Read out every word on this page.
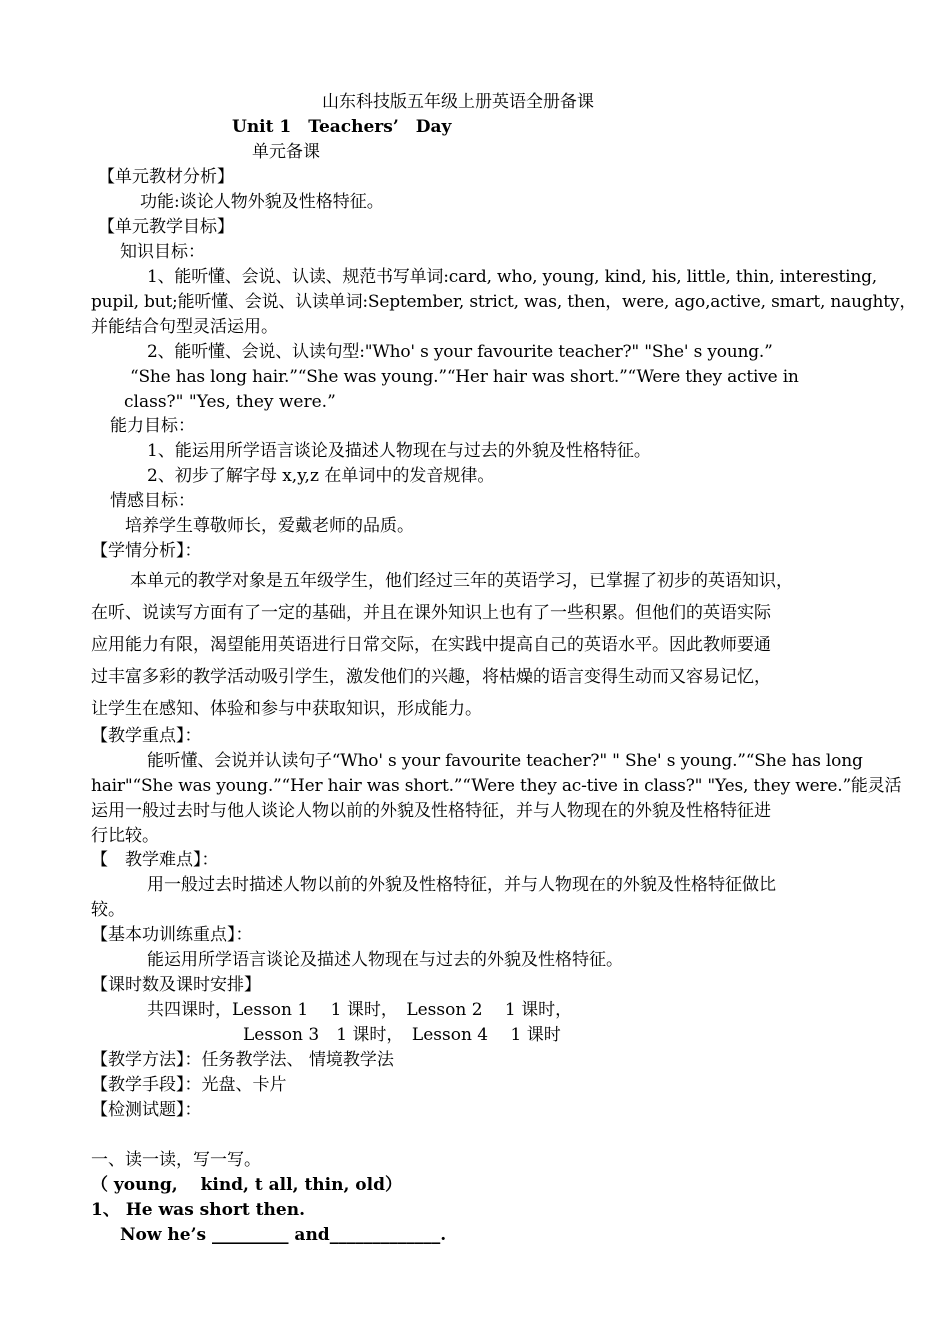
山东科技版五年级上册英语全册备课
Unit 1　Teachers’　Day
单元备课
【单元教材分析】
功能:谈论人物外貌及性格特征。
【单元教学目标】
知识目标：
1、能听懂、会说、认读、规范书写单词:card, who, young, kind, his, little, thin, interesting,
pupil, but;能听懂、会说、认读单词:September, strict, was, then，were, ago,active, smart, naughty，
并能结合句型灵活运用。
2、能听懂、会说、认读句型:"Who' s your favourite teacher?" "She' s young.”
“She has long hair.”“She was young.”“Her hair was short.”“Were they active in
class?" "Yes, they were.”
能力目标：
1、能运用所学语言谈论及描述人物现在与过去的外貌及性格特征。
2、初步了解字母 x,y,z 在单词中的发音规律。
情感目标：
培养学生尊敬师长，爱戴老师的品质。
【学情分析】：
本单元的教学对象是五年级学生，他们经过三年的英语学习，已掌握了初步的英语知识，
在听、说读写方面有了一定的基础，并且在课外知识上也有了一些积累。但他们的英语实际
应用能力有限，渴望能用英语进行日常交际，在实践中提高自己的英语水平。因此教师要通
过丰富多彩的教学活动吸引学生，激发他们的兴趣，将枯燥的语言变得生动而又容易记忆，
让学生在感知、体验和参与中获取知识，形成能力。
【教学重点】：
能听懂、会说并认读句子“Who' s your favourite teacher?" " She' s young.”“She has long
hair"“She was young.”“Her hair was short.”“Were they ac-tive in class?" "Yes, they were.”能灵活
运用一般过去时与他人谈论人物以前的外貌及性格特征，并与人物现在的外貌及性格特征进
行比较。
【　教学难点】：
用一般过去时描述人物以前的外貌及性格特征，并与人物现在的外貌及性格特征做比
较。
【基本功训练重点】：
能运用所学语言谈论及描述人物现在与过去的外貌及性格特征。
【课时数及课时安排】
共四课时，Lesson 1　 1 课时，　Lesson 2　 1 课时，
Lesson 3　1 课时，　Lesson 4　 1 课时
【教学方法】：任务教学法、 情境教学法
【教学手段】：光盘、卡片
【检测试题】：
一、读一读，写一写。
（ young,　 kind, t all, thin, old）
1、 He was short then.
Now he’s _________ and_____________.
